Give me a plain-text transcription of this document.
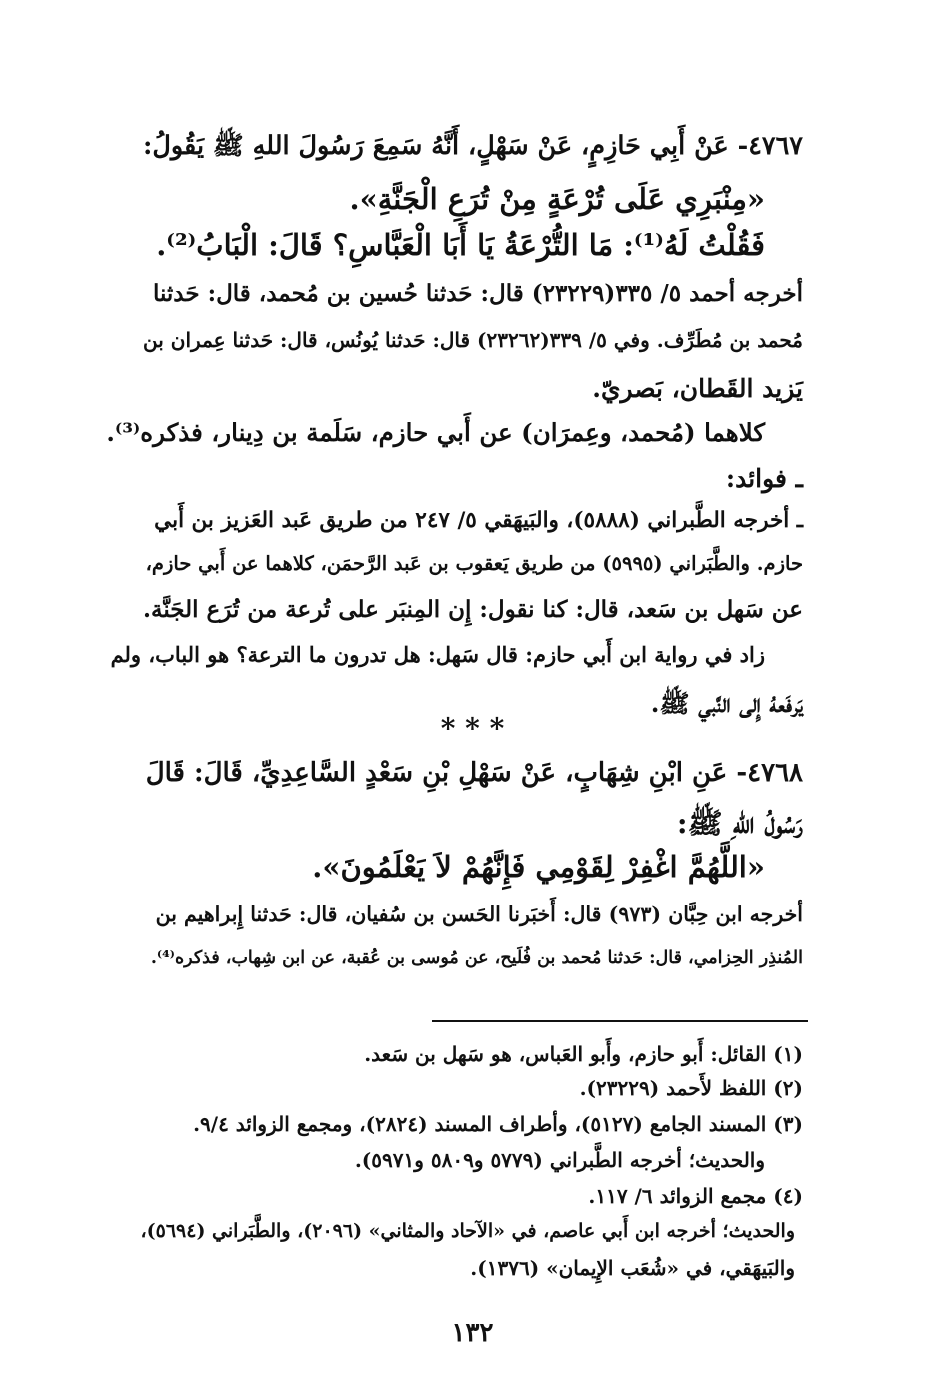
٤٧٦٧- عَنْ أَبِي حَازِمٍ، عَنْ سَهْلٍ، أَنَّهُ سَمِعَ رَسُولَ اللهِ ﷺ يَقُولُ:
«مِنْبَرِي عَلَى تُرْعَةٍ مِنْ تُرَعِ الْجَنَّةِ».
فَقُلْتُ لَهُ⁽¹⁾: مَا التُّرْعَةُ يَا أَبَا الْعَبَّاسِ؟ قَالَ: الْبَابُ⁽²⁾.
أخرجه أحمد ٥/ ٣٣٥(٢٣٢٢٩) قال: حَدثنا حُسين بن مُحمد، قال: حَدثنا
مُحمد بن مُطَرِّف. وفي ٥/ ٣٣٩(٢٣٢٦٢) قال: حَدثنا يُونُس، قال: حَدثنا عِمران بن
يَزيد القَطان، بَصريّ.
كلاهما (مُحمد، وعِمرَان) عن أَبي حازم، سَلَمة بن دِينار، فذكره⁽³⁾.
ـ فوائد:
ـ أخرجه الطَّبراني (٥٨٨٨)، والبَيهَقي ٥/ ٢٤٧ من طريق عَبد العَزيز بن أَبي
حازم. والطَّبَراني (٥٩٩٥) من طريق يَعقوب بن عَبد الرَّحمَن، كلاهما عن أَبي حازم،
عن سَهل بن سَعد، قال: كنا نقول: إِن المِنبَر على تُرعة من تُرَع الجَنَّة.
زاد في رواية ابن أَبي حازم: قال سَهل: هل تدرون ما الترعة؟ هو الباب، ولم
يَرفَعهُ إِلى النَّبي ﷺ.
* * *
٤٧٦٨- عَنِ ابْنِ شِهَابٍ، عَنْ سَهْلِ بْنِ سَعْدٍ السَّاعِدِيِّ، قَالَ: قَالَ
رَسُولُ اللهِ ﷺ:
«اللَّهُمَّ اغْفِرْ لِقَوْمِي فَإِنَّهُمْ لاَ يَعْلَمُونَ».
أخرجه ابن حِبَّان (٩٧٣) قال: أَخبَرنا الحَسن بن سُفيان، قال: حَدثنا إِبراهيم بن
المُنذِر الحِزامي، قال: حَدثنا مُحمد بن فُلَيح، عن مُوسى بن عُقبة، عن ابن شِهاب، فذكره⁽⁴⁾.
(١) القائل: أَبو حازم، وأَبو العَباس، هو سَهل بن سَعد.
(٢) اللفظ لأَحمد (٢٣٢٢٩).
(٣) المسند الجامع (٥١٢٧)، وأطراف المسند (٢٨٢٤)، ومجمع الزوائد ٩/٤.
والحديث؛ أخرجه الطَّبراني (٥٧٧٩ و٥٨٠٩ و٥٩٧١).
(٤) مجمع الزوائد ٦/ ١١٧.
والحديث؛ أخرجه ابن أَبي عاصم، في «الآحاد والمثاني» (٢٠٩٦)، والطَّبَراني (٥٦٩٤)،
والبَيهَقي، في «شُعَب الإِيمان» (١٣٧٦).
١٣٢
